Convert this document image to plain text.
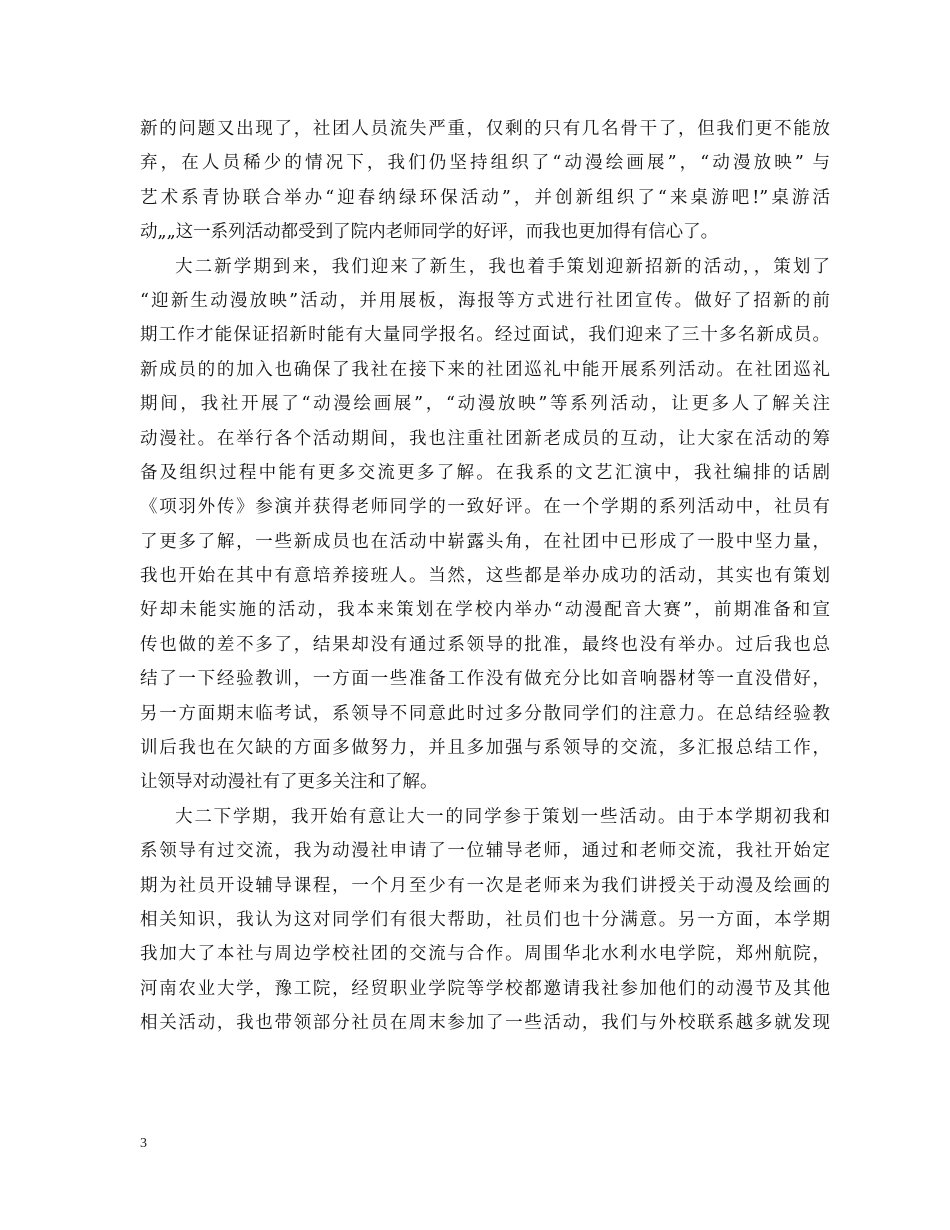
新的问题又出现了，社团人员流失严重，仅剩的只有几名骨干了，但我们更不能放
弃，在人员稀少的情况下，我们仍坚持组织了“动漫绘画展”，“动漫放映” 与
艺术系青协联合举办“迎春纳绿环保活动”，并创新组织了“来桌游吧!”桌游活
动„„这一系列活动都受到了院内老师同学的好评，而我也更加得有信心了。
大二新学期到来，我们迎来了新生，我也着手策划迎新招新的活动，，策划了
“迎新生动漫放映”活动，并用展板，海报等方式进行社团宣传。做好了招新的前
期工作才能保证招新时能有大量同学报名。经过面试，我们迎来了三十多名新成员。
新成员的的加入也确保了我社在接下来的社团巡礼中能开展系列活动。在社团巡礼
期间，我社开展了“动漫绘画展”，“动漫放映”等系列活动，让更多人了解关注
动漫社。在举行各个活动期间，我也注重社团新老成员的互动，让大家在活动的筹
备及组织过程中能有更多交流更多了解。在我系的文艺汇演中，我社编排的话剧
《项羽外传》参演并获得老师同学的一致好评。在一个学期的系列活动中，社员有
了更多了解，一些新成员也在活动中崭露头角，在社团中已形成了一股中坚力量，
我也开始在其中有意培养接班人。当然，这些都是举办成功的活动，其实也有策划
好却未能实施的活动，我本来策划在学校内举办“动漫配音大赛”，前期准备和宣
传也做的差不多了，结果却没有通过系领导的批准，最终也没有举办。过后我也总
结了一下经验教训，一方面一些准备工作没有做充分比如音响器材等一直没借好，
另一方面期末临考试，系领导不同意此时过多分散同学们的注意力。在总结经验教
训后我也在欠缺的方面多做努力，并且多加强与系领导的交流，多汇报总结工作，
让领导对动漫社有了更多关注和了解。
大二下学期，我开始有意让大一的同学参于策划一些活动。由于本学期初我和
系领导有过交流，我为动漫社申请了一位辅导老师，通过和老师交流，我社开始定
期为社员开设辅导课程，一个月至少有一次是老师来为我们讲授关于动漫及绘画的
相关知识，我认为这对同学们有很大帮助，社员们也十分满意。另一方面，本学期
我加大了本社与周边学校社团的交流与合作。周围华北水利水电学院，郑州航院，
河南农业大学，豫工院，经贸职业学院等学校都邀请我社参加他们的动漫节及其他
相关活动，我也带领部分社员在周末参加了一些活动，我们与外校联系越多就发现
3
